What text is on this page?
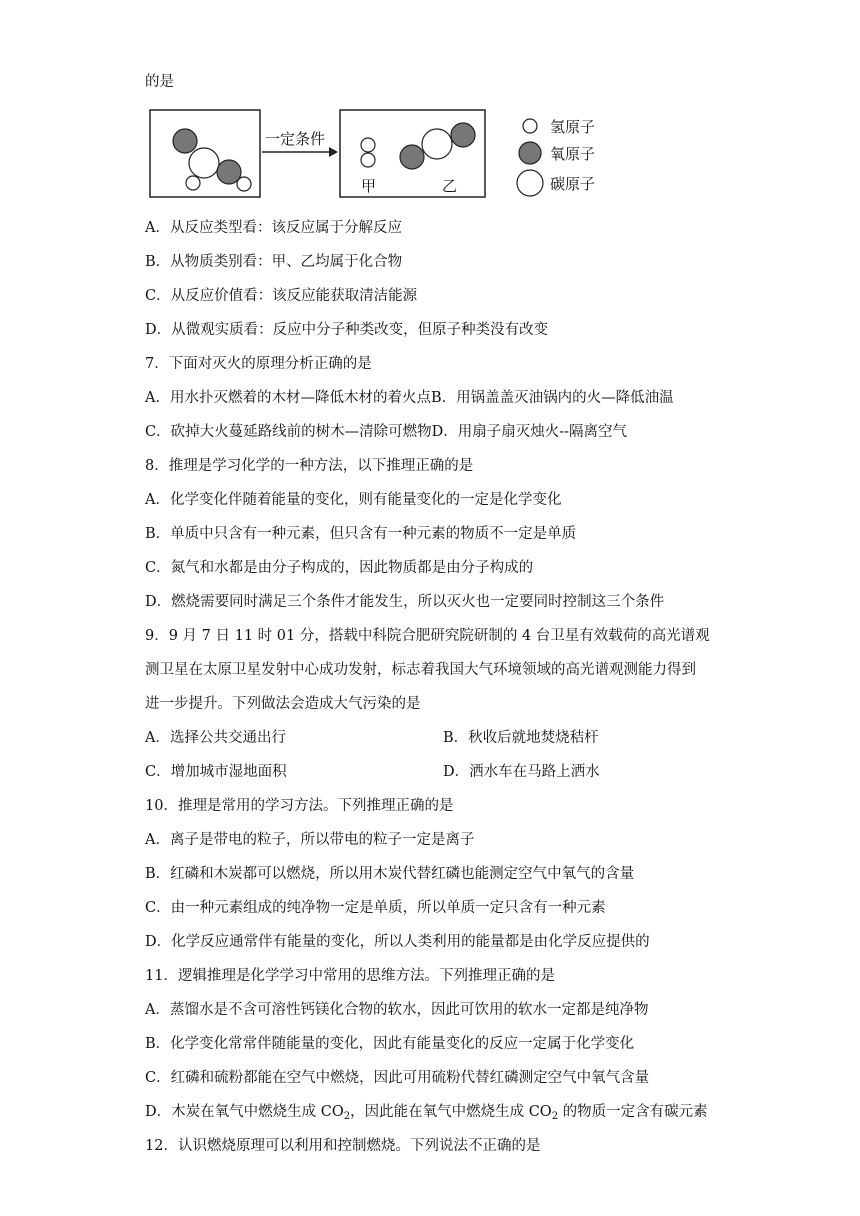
的是
一定条件
甲	乙
氢原子
氧原子
碳原子
A．从反应类型看：该反应属于分解反应
B．从物质类别看：甲、乙均属于化合物
C．从反应价值看：该反应能获取清洁能源
D．从微观实质看：反应中分子种类改变，但原子种类没有改变
7．下面对灭火的原理分析正确的是
A．用水扑灭燃着的木材—降低木材的着火点B．用锅盖盖灭油锅内的火—降低油温
C．砍掉大火蔓延路线前的树木—清除可燃物D．用扇子扇灭烛火--隔离空气
8．推理是学习化学的一种方法，以下推理正确的是
A．化学变化伴随着能量的变化，则有能量变化的一定是化学变化
B．单质中只含有一种元素，但只含有一种元素的物质不一定是单质
C．氮气和水都是由分子构成的，因此物质都是由分子构成的
D．燃烧需要同时满足三个条件才能发生，所以灭火也一定要同时控制这三个条件
9．9 月 7 日 11 时 01 分，搭载中科院合肥研究院研制的 4 台卫星有效载荷的高光谱观
测卫星在太原卫星发射中心成功发射，标志着我国大气环境领域的高光谱观测能力得到
进一步提升。下列做法会造成大气污染的是
A．选择公共交通出行	B．秋收后就地焚烧秸杆
C．增加城市湿地面积	D．洒水车在马路上洒水
10．推理是常用的学习方法。下列推理正确的是
A．离子是带电的粒子，所以带电的粒子一定是离子
B．红磷和木炭都可以燃烧，所以用木炭代替红磷也能测定空气中氧气的含量
C．由一种元素组成的纯净物一定是单质，所以单质一定只含有一种元素
D．化学反应通常伴有能量的变化，所以人类利用的能量都是由化学反应提供的
11．逻辑推理是化学学习中常用的思维方法。下列推理正确的是
A．蒸馏水是不含可溶性钙镁化合物的软水，因此可饮用的软水一定都是纯净物
B．化学变化常常伴随能量的变化，因此有能量变化的反应一定属于化学变化
C．红磷和硫粉都能在空气中燃烧，因此可用硫粉代替红磷测定空气中氧气含量
D．木炭在氧气中燃烧生成 $CO_2$，因此能在氧气中燃烧生成 $CO_2$ 的物质一定含有碳元素
12．认识燃烧原理可以利用和控制燃烧。下列说法不正确的是
